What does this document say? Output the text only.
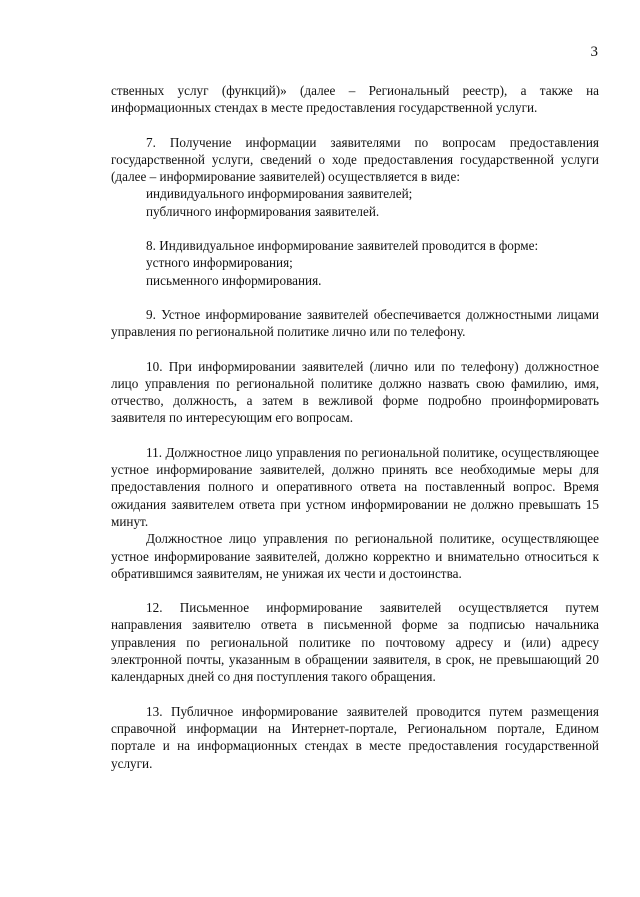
3

ственных услуг (функций)» (далее – Региональный реестр), а также на информационных стендах в месте предоставления государственной услуги.

7. Получение информации заявителями по вопросам предоставления государственной услуги, сведений о ходе предоставления государственной услуги (далее – информирование заявителей) осуществляется в виде:

индивидуального информирования заявителей;

публичного информирования заявителей.

8. Индивидуальное информирование заявителей проводится в форме:

устного информирования;

письменного информирования.

9. Устное информирование заявителей обеспечивается должностными лицами управления по региональной политике лично или по телефону.

10. При информировании заявителей (лично или по телефону) должностное лицо управления по региональной политике должно назвать свою фамилию, имя, отчество, должность, а затем в вежливой форме подробно проинформировать заявителя по интересующим его вопросам.

11. Должностное лицо управления по региональной политике, осуществляющее устное информирование заявителей, должно принять все необходимые меры для предоставления полного и оперативного ответа на поставленный вопрос. Время ожидания заявителем ответа при устном информировании не должно превышать 15 минут.

Должностное лицо управления по региональной политике, осуществляющее устное информирование заявителей, должно корректно и внимательно относиться к обратившимся заявителям, не унижая их чести и достоинства.

12. Письменное информирование заявителей осуществляется путем направления заявителю ответа в письменной форме за подписью начальника управления по региональной политике по почтовому адресу и (или) адресу электронной почты, указанным в обращении заявителя, в срок, не превышающий 20 календарных дней со дня поступления такого обращения.

13. Публичное информирование заявителей проводится путем размещения справочной информации на Интернет-портале, Региональном портале, Едином портале и на информационных стендах в месте предоставления государственной услуги.
